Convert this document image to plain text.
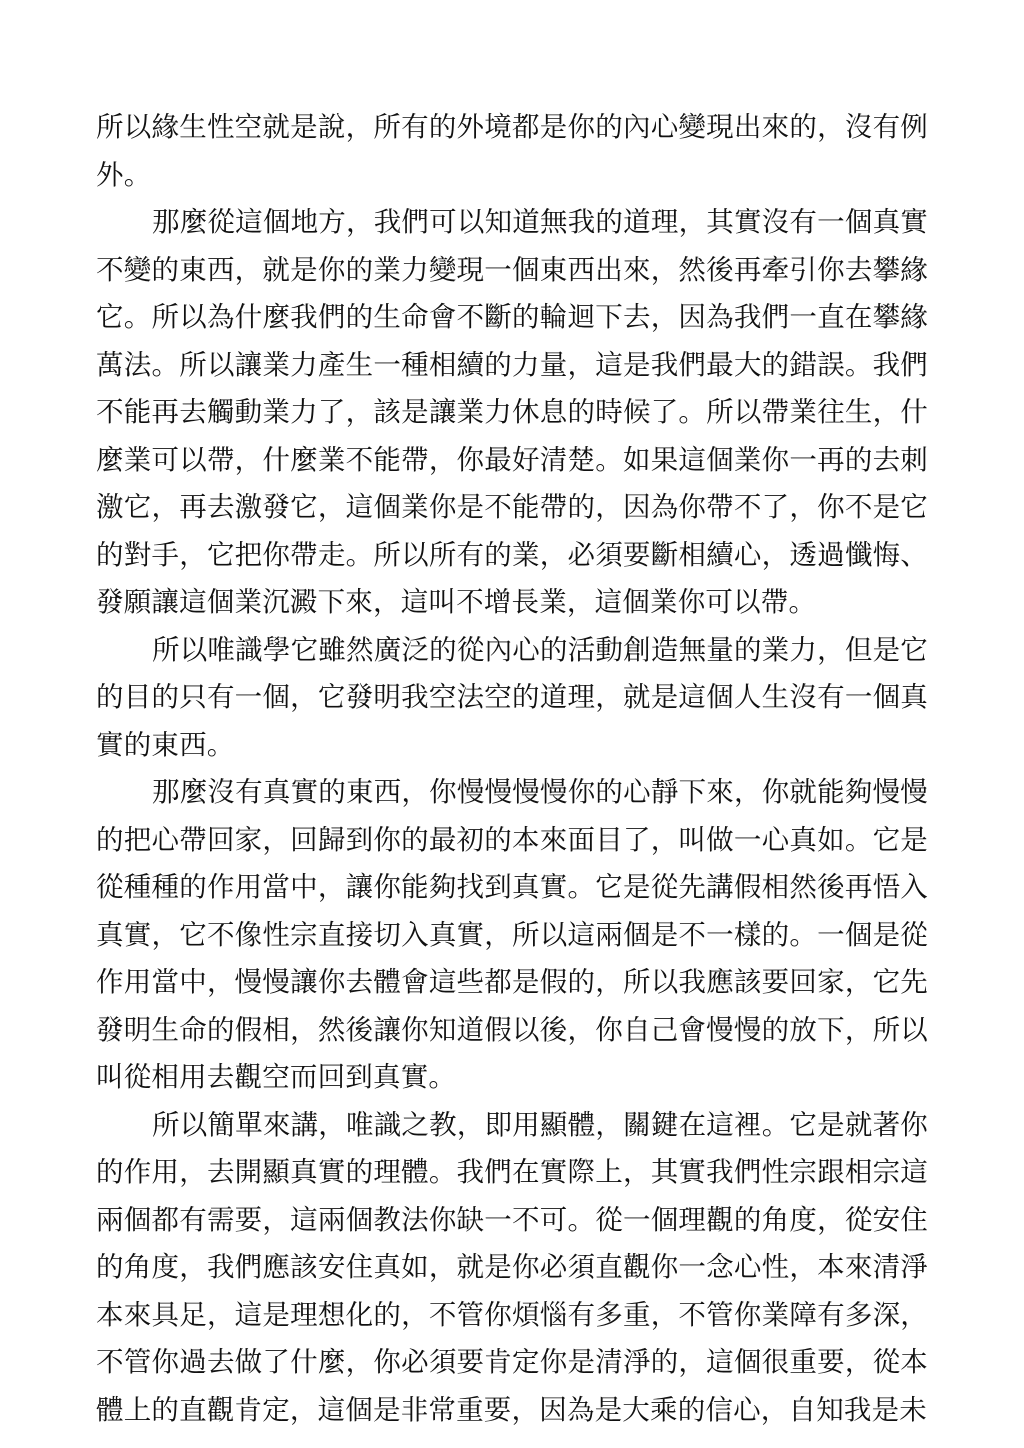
所以緣生性空就是說，所有的外境都是你的內心變現出來的，沒有例外。

那麼從這個地方，我們可以知道無我的道理，其實沒有一個真實不變的東西，就是你的業力變現一個東西出來，然後再牽引你去攀緣它。所以為什麼我們的生命會不斷的輪迴下去，因為我們一直在攀緣萬法。所以讓業力產生一種相續的力量，這是我們最大的錯誤。我們不能再去觸動業力了，該是讓業力休息的時候了。所以帶業往生，什麼業可以帶，什麼業不能帶，你最好清楚。如果這個業你一再的去刺激它，再去激發它，這個業你是不能帶的，因為你帶不了，你不是它的對手，它把你帶走。所以所有的業，必須要斷相續心，透過懺悔、發願讓這個業沉澱下來，這叫不增長業，這個業你可以帶。

所以唯識學它雖然廣泛的從內心的活動創造無量的業力，但是它的目的只有一個，它發明我空法空的道理，就是這個人生沒有一個真實的東西。

那麼沒有真實的東西，你慢慢慢慢你的心靜下來，你就能夠慢慢的把心帶回家，回歸到你的最初的本來面目了，叫做一心真如。它是從種種的作用當中，讓你能夠找到真實。它是從先講假相然後再悟入真實，它不像性宗直接切入真實，所以這兩個是不一樣的。一個是從作用當中，慢慢讓你去體會這些都是假的，所以我應該要回家，它先發明生命的假相，然後讓你知道假以後，你自己會慢慢的放下，所以叫從相用去觀空而回到真實。

所以簡單來講，唯識之教，即用顯體，關鍵在這裡。它是就著你的作用，去開顯真實的理體。我們在實際上，其實我們性宗跟相宗這兩個都有需要，這兩個教法你缺一不可。從一個理觀的角度，從安住的角度，我們應該安住真如，就是你必須直觀你一念心性，本來清淨本來具足，這是理想化的，不管你煩惱有多重，不管你業障有多深，不管你過去做了什麼，你必須要肯定你是清淨的，這個很重要，從本體上的直觀肯定，這個是非常重要，因為是大乘的信心，自知我是未
